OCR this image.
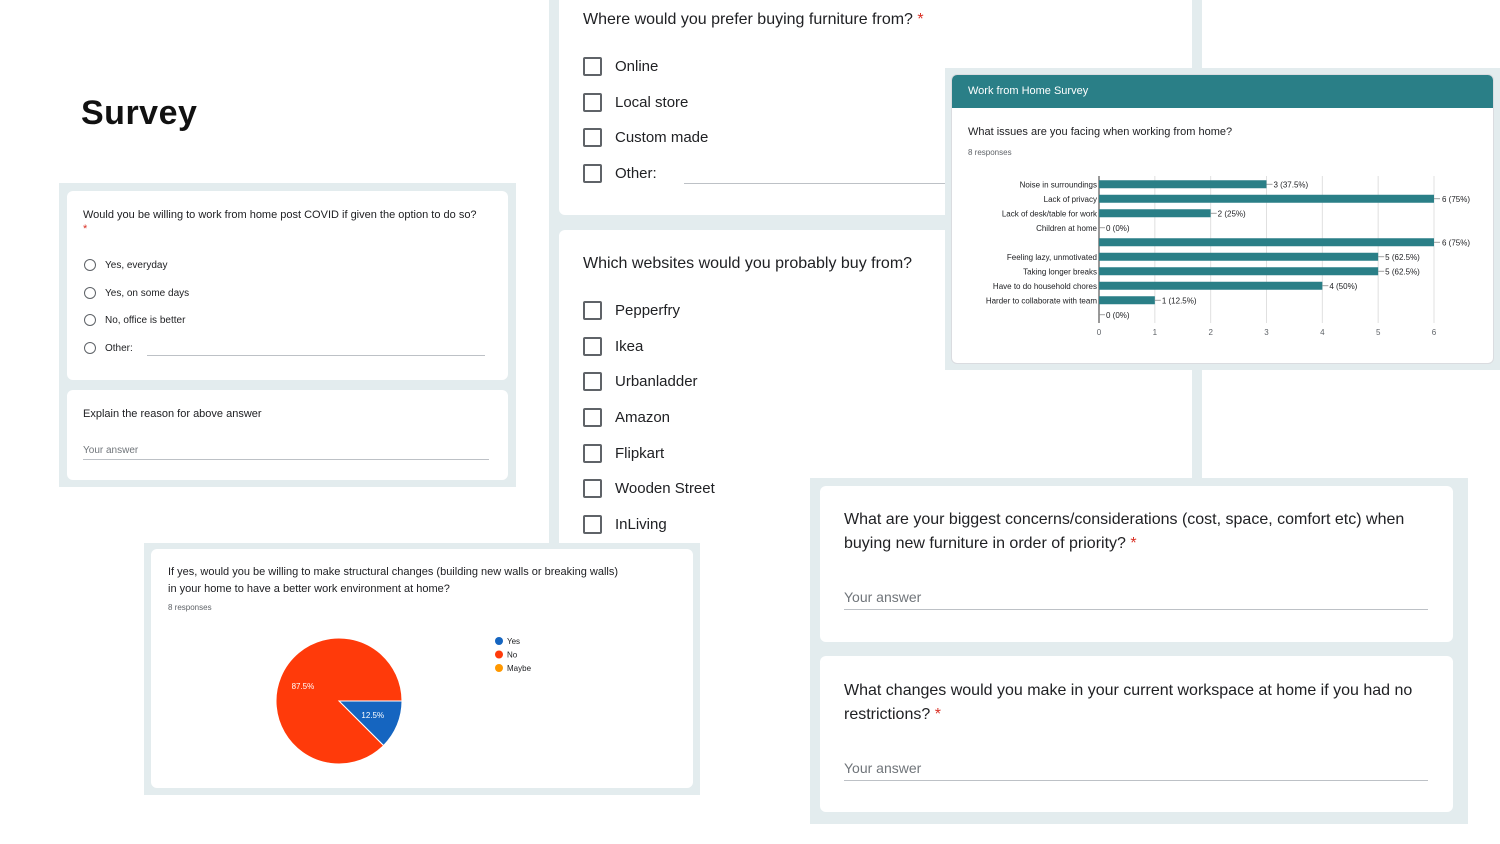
Survey
Would you be willing to work from home post COVID if given the option to do so?
*
Yes, everyday
Yes, on some days
No, office is better
Other:
Explain the reason for above answer
Your answer
Where would you prefer buying furniture from? *
Online
Local store
Custom made
Other:
Which websites would you probably buy from?
Pepperfry
Ikea
Urbanladder
Amazon
Flipkart
Wooden Street
InLiving
Work from Home Survey
What issues are you facing when working from home?
8 responses
0	1	2	3	4	5	6
Noise in surroundings	3 (37.5%)
Lack of privacy	6 (75%)
Lack of desk/table for work	2 (25%)
Children at home 0 (0%)
6 (75%)
Feeling lazy, unmotivated	5 (62.5%)
Taking longer breaks	5 (62.5%)
Have to do household chores	4 (50%)
Harder to collaborate with team	1 (12.5%)
0 (0%)
If yes, would you be willing to make structural changes (building new walls or breaking walls)
in your home to have a better work environment at home?
8 responses
12.5%
87.5%
Yes
No
Maybe
What are your biggest concerns/considerations (cost, space, comfort etc) when
buying new furniture in order of priority? *
Your answer
What changes would you make in your current workspace at home if you had no
restrictions? *
Your answer
